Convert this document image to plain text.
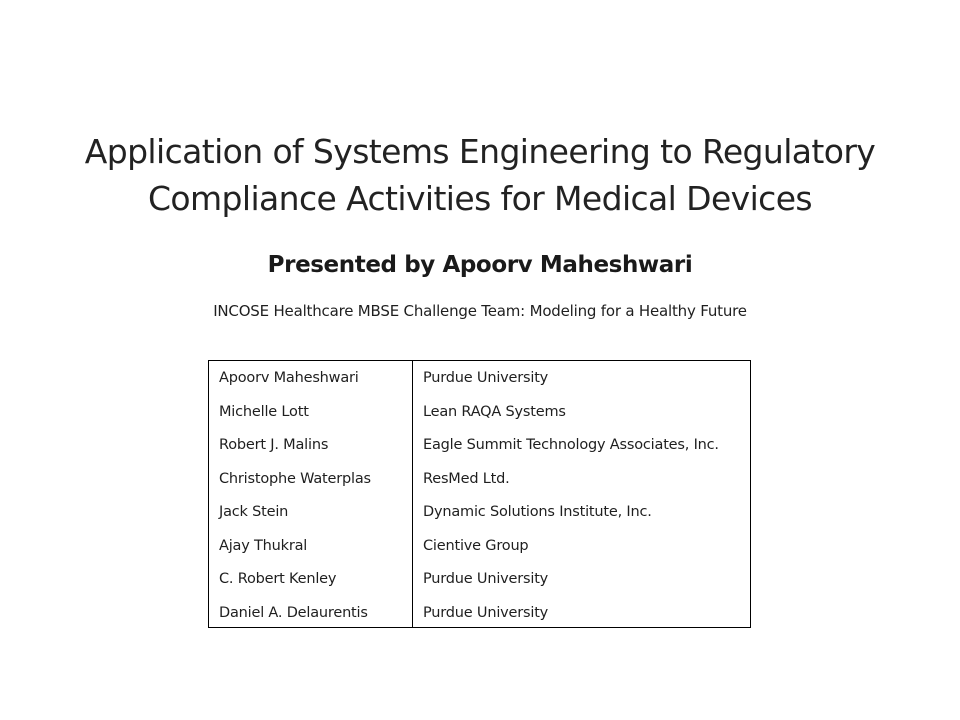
Application of Systems Engineering to Regulatory
Compliance Activities for Medical Devices
Presented by Apoorv Maheshwari
INCOSE Healthcare MBSE Challenge Team: Modeling for a Healthy Future
Apoorv Maheshwari
Michelle Lott
Robert J. Malins
Christophe Waterplas
Jack Stein
Ajay Thukral
C. Robert Kenley
Daniel A. Delaurentis
Purdue University
Lean RAQA Systems
Eagle Summit Technology Associates, Inc.
ResMed Ltd.
Dynamic Solutions Institute, Inc.
Cientive Group
Purdue University
Purdue University
